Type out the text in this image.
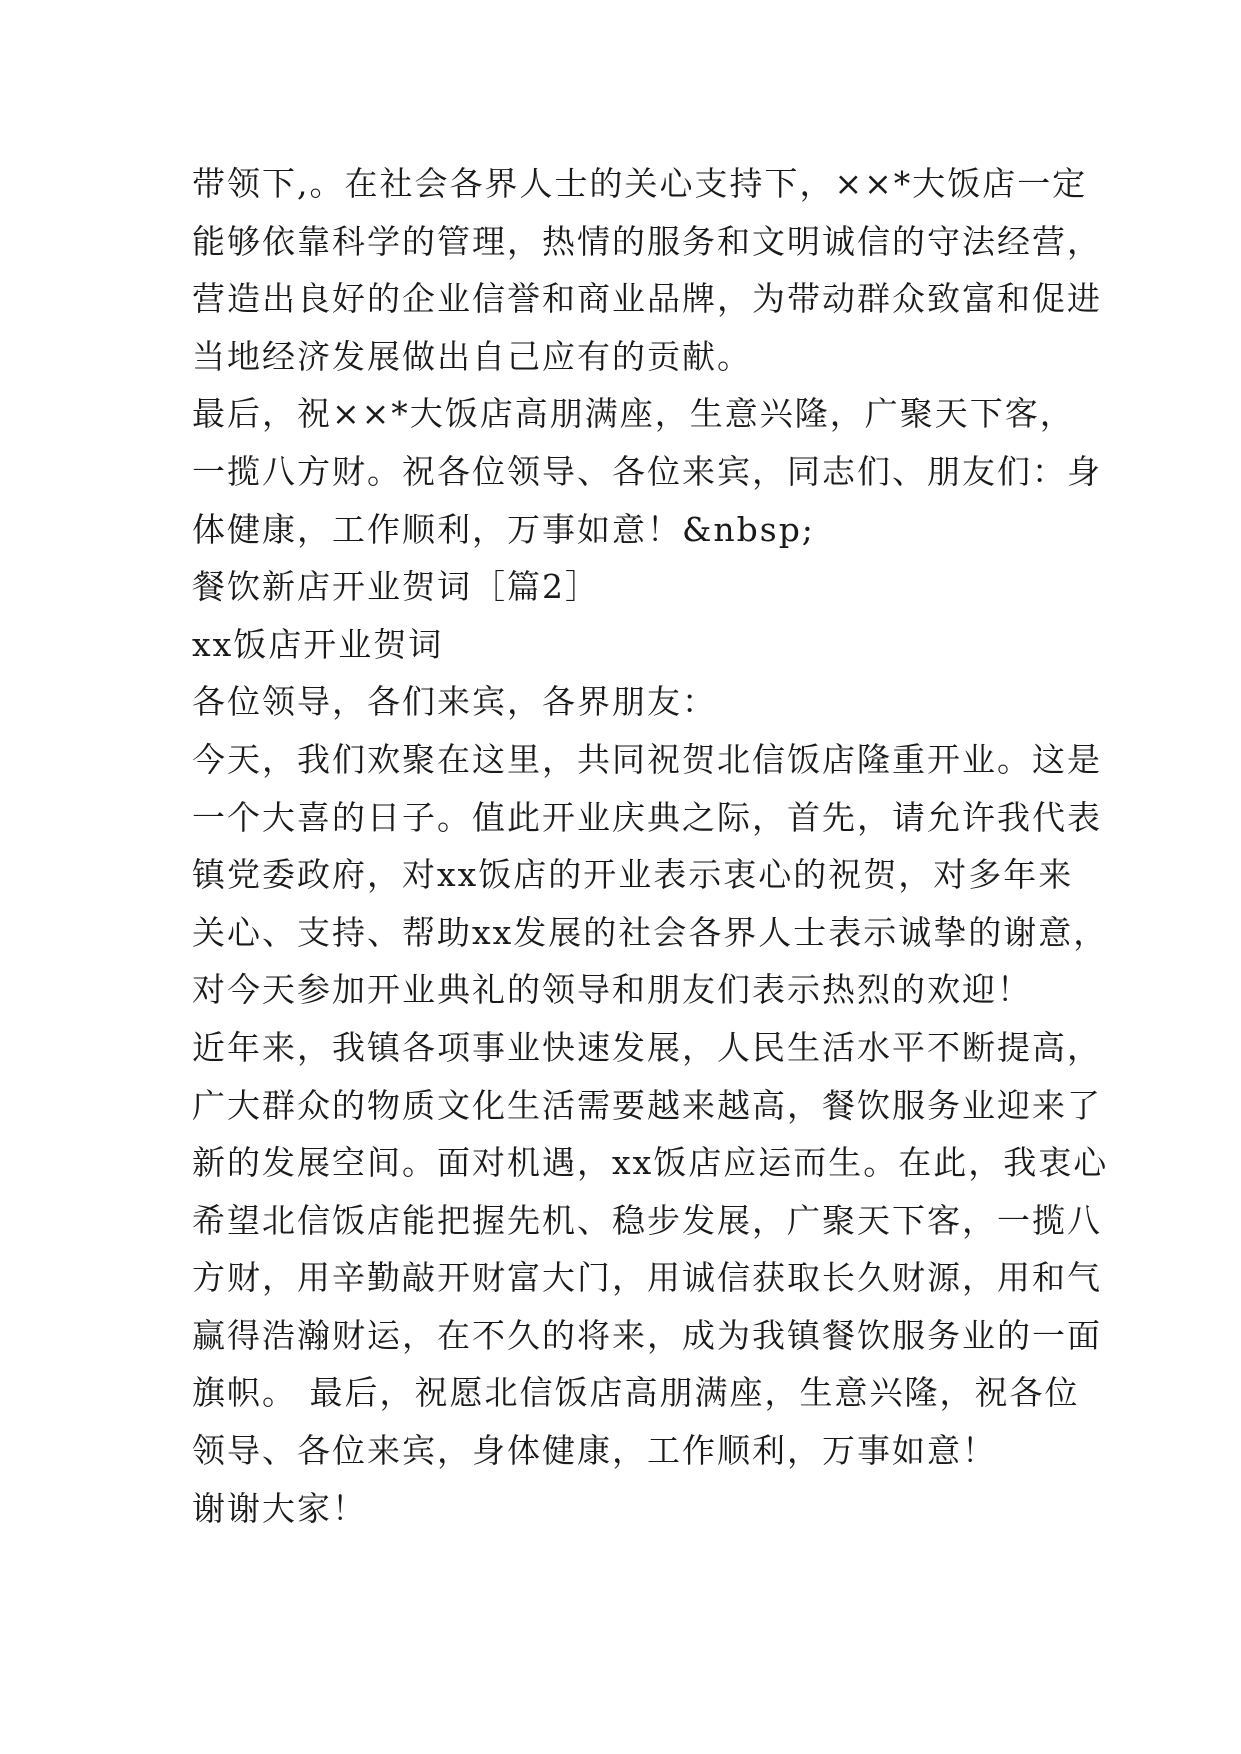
带领下,。在社会各界人士的关心支持下，××*大饭店一定
能够依靠科学的管理，热情的服务和文明诚信的守法经营，
营造出良好的企业信誉和商业品牌，为带动群众致富和促进
当地经济发展做出自己应有的贡献。
最后，祝××*大饭店高朋满座，生意兴隆，广聚天下客，
一揽八方财。祝各位领导、各位来宾，同志们、朋友们：身
体健康，工作顺利，万事如意！&nbsp;
餐饮新店开业贺词［篇2］
xx饭店开业贺词
各位领导，各们来宾，各界朋友：
今天，我们欢聚在这里，共同祝贺北信饭店隆重开业。这是
一个大喜的日子。值此开业庆典之际，首先，请允许我代表
镇党委政府，对xx饭店的开业表示衷心的祝贺，对多年来
关心、支持、帮助xx发展的社会各界人士表示诚挚的谢意，
对今天参加开业典礼的领导和朋友们表示热烈的欢迎！
近年来，我镇各项事业快速发展，人民生活水平不断提高，
广大群众的物质文化生活需要越来越高，餐饮服务业迎来了
新的发展空间。面对机遇，xx饭店应运而生。在此，我衷心
希望北信饭店能把握先机、稳步发展，广聚天下客，一揽八
方财，用辛勤敲开财富大门，用诚信获取长久财源，用和气
赢得浩瀚财运，在不久的将来，成为我镇餐饮服务业的一面
旗帜。 最后，祝愿北信饭店高朋满座，生意兴隆，祝各位
领导、各位来宾，身体健康，工作顺利，万事如意！
谢谢大家！
